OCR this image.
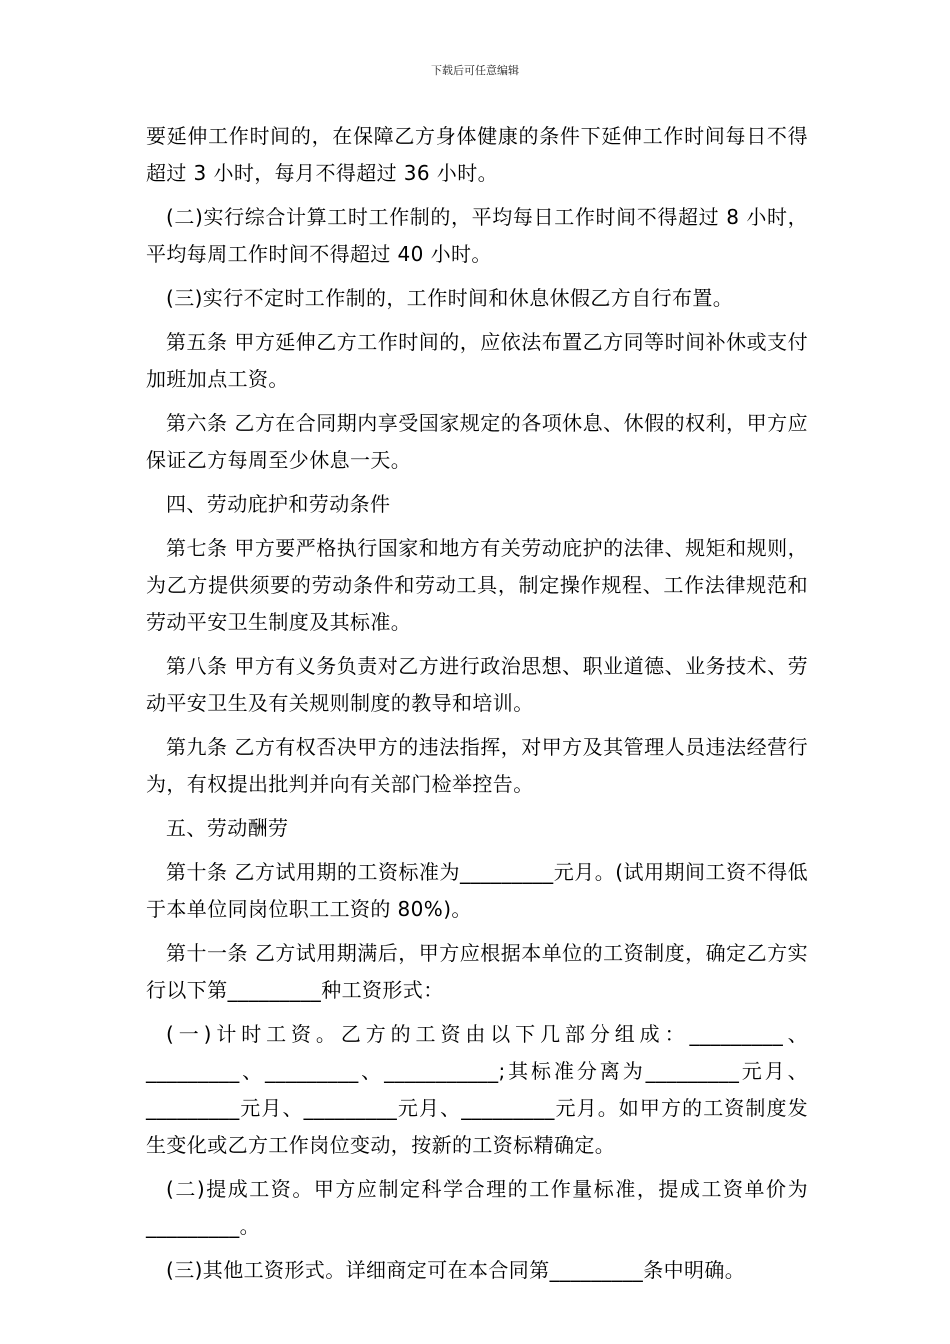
下载后可任意编辑

要延伸工作时间的，在保障乙方身体健康的条件下延伸工作时间每日不得超过 3 小时，每月不得超过 36 小时。

(二)实行综合计算工时工作制的，平均每日工作时间不得超过 8 小时，平均每周工作时间不得超过 40 小时。

(三)实行不定时工作制的，工作时间和休息休假乙方自行布置。

第五条 甲方延伸乙方工作时间的，应依法布置乙方同等时间补休或支付加班加点工资。

第六条 乙方在合同期内享受国家规定的各项休息、休假的权利，甲方应保证乙方每周至少休息一天。

四、劳动庇护和劳动条件

第七条 甲方要严格执行国家和地方有关劳动庇护的法律、规矩和规则，为乙方提供须要的劳动条件和劳动工具，制定操作规程、工作法律规范和劳动平安卫生制度及其标准。

第八条 甲方有义务负责对乙方进行政治思想、职业道德、业务技术、劳动平安卫生及有关规则制度的教导和培训。

第九条 乙方有权否决甲方的违法指挥，对甲方及其管理人员违法经营行为，有权提出批判并向有关部门检举控告。

五、劳动酬劳

第十条 乙方试用期的工资标准为_________元月。(试用期间工资不得低于本单位同岗位职工工资的 80%)。

第十一条 乙方试用期满后，甲方应根据本单位的工资制度，确定乙方实行以下第_________种工资形式：

(一)计时工资。乙方的工资由以下几部分组成：_________、_________、_________、___________;其标准分离为_________元月、_________元月、_________元月、_________元月。如甲方的工资制度发生变化或乙方工作岗位变动，按新的工资标精确定。

(二)提成工资。甲方应制定科学合理的工作量标准，提成工资单价为_________。

(三)其他工资形式。详细商定可在本合同第_________条中明确。
